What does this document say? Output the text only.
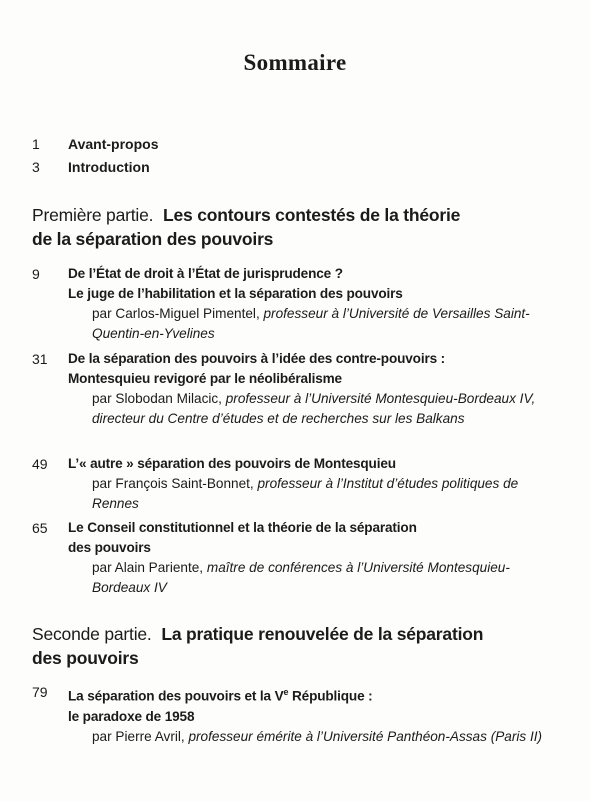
Sommaire
1 Avant-propos
3 Introduction
Première partie. Les contours contestés de la théorie
de la séparation des pouvoirs
9 De l’État de droit à l’État de jurisprudence ?
Le juge de l’habilitation et la séparation des pouvoirs
par Carlos-Miguel Pimentel, professeur à l’Université de Versailles Saint-Quentin-en-Yvelines
31 De la séparation des pouvoirs à l’idée des contre-pouvoirs :
Montesquieu revigoré par le néolibéralisme
par Slobodan Milacic, professeur à l’Université Montesquieu-Bordeaux IV, directeur du Centre d’études et de recherches sur les Balkans
49 L’« autre » séparation des pouvoirs de Montesquieu
par François Saint-Bonnet, professeur à l’Institut d’études politiques de Rennes
65 Le Conseil constitutionnel et la théorie de la séparation
des pouvoirs
par Alain Pariente, maître de conférences à l’Université Montesquieu-Bordeaux IV
Seconde partie. La pratique renouvelée de la séparation
des pouvoirs
79 La séparation des pouvoirs et la Ve République :
le paradoxe de 1958
par Pierre Avril, professeur émérite à l’Université Panthéon-Assas (Paris II)
